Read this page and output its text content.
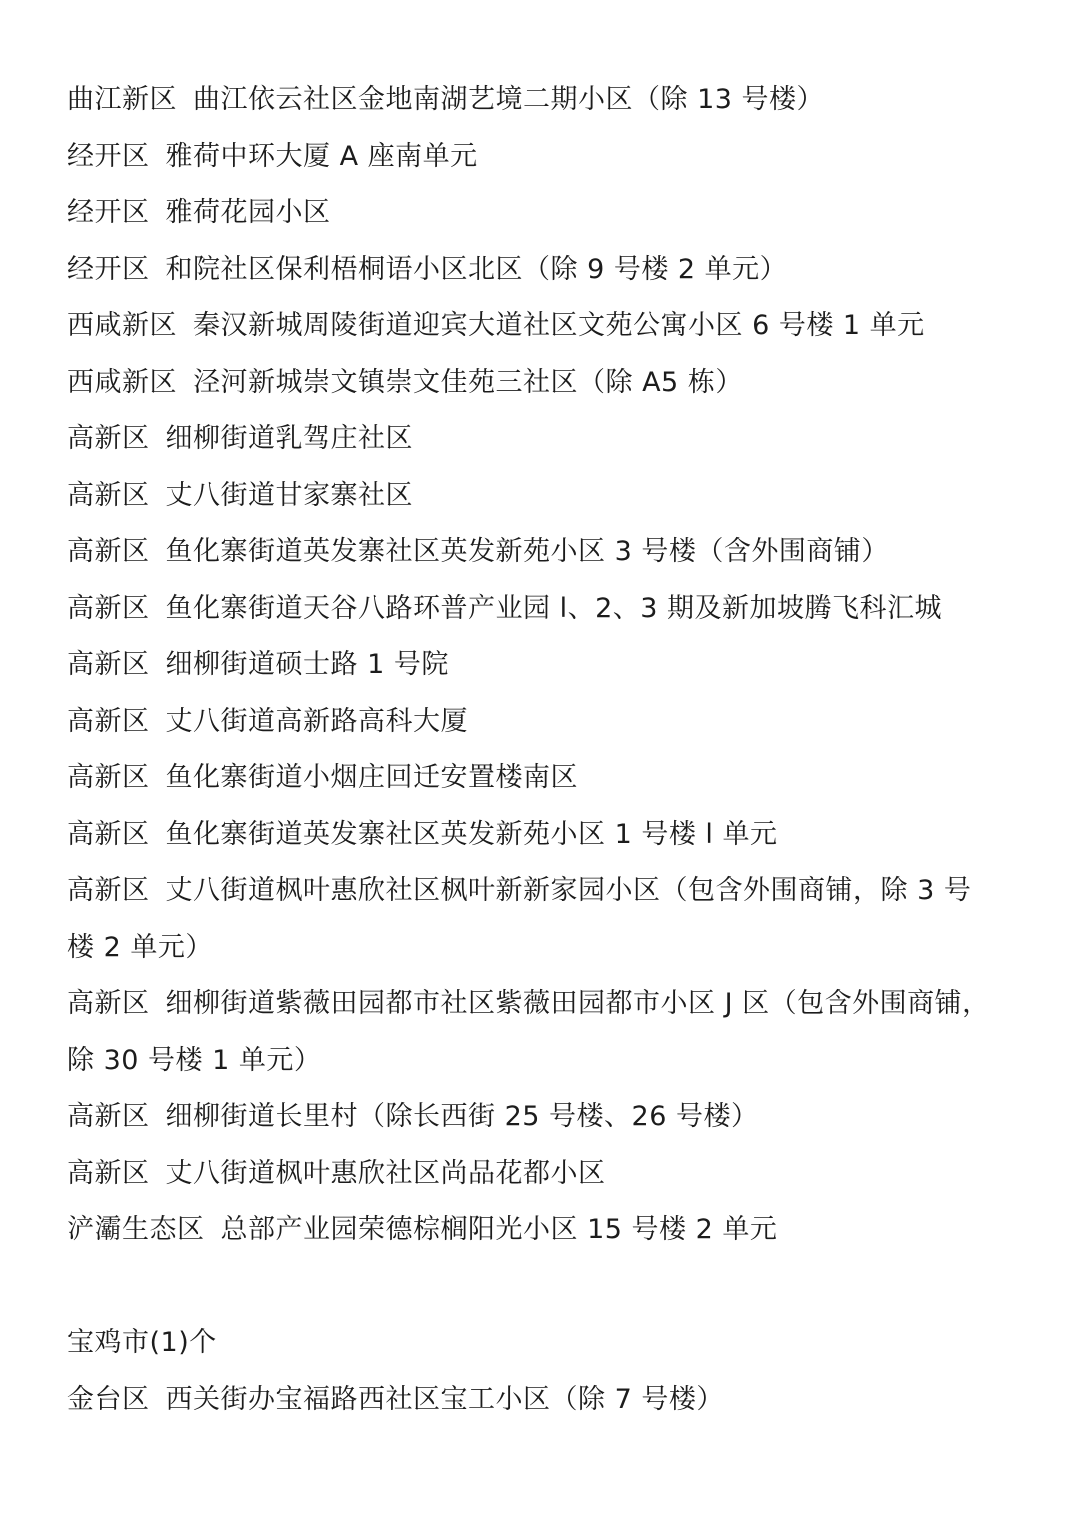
曲江新区 曲江依云社区金地南湖艺境二期小区（除 13 号楼）
经开区 雅荷中环大厦 A 座南单元
经开区 雅荷花园小区
经开区 和院社区保利梧桐语小区北区（除 9 号楼 2 单元）
西咸新区 秦汉新城周陵街道迎宾大道社区文苑公寓小区 6 号楼 1 单元
西咸新区 泾河新城崇文镇崇文佳苑三社区（除 A5 栋）
高新区 细柳街道乳驾庄社区
高新区 丈八街道甘家寨社区
高新区 鱼化寨街道英发寨社区英发新苑小区 3 号楼（含外围商铺）
高新区 鱼化寨街道天谷八路环普产业园 l、2、3 期及新加坡腾飞科汇城
高新区 细柳街道硕士路 1 号院
高新区 丈八街道高新路高科大厦
高新区 鱼化寨街道小烟庄回迁安置楼南区
高新区 鱼化寨街道英发寨社区英发新苑小区 1 号楼 l 单元
高新区 丈八街道枫叶惠欣社区枫叶新新家园小区（包含外围商铺，除 3 号
楼 2 单元）
高新区 细柳街道紫薇田园都市社区紫薇田园都市小区 J 区（包含外围商铺，
除 30 号楼 1 单元）
高新区 细柳街道长里村（除长西街 25 号楼、26 号楼）
高新区 丈八街道枫叶惠欣社区尚品花都小区
浐灞生态区 总部产业园荣德棕榈阳光小区 15 号楼 2 单元
宝鸡市(1)个
金台区 西关街办宝福路西社区宝工小区（除 7 号楼）
